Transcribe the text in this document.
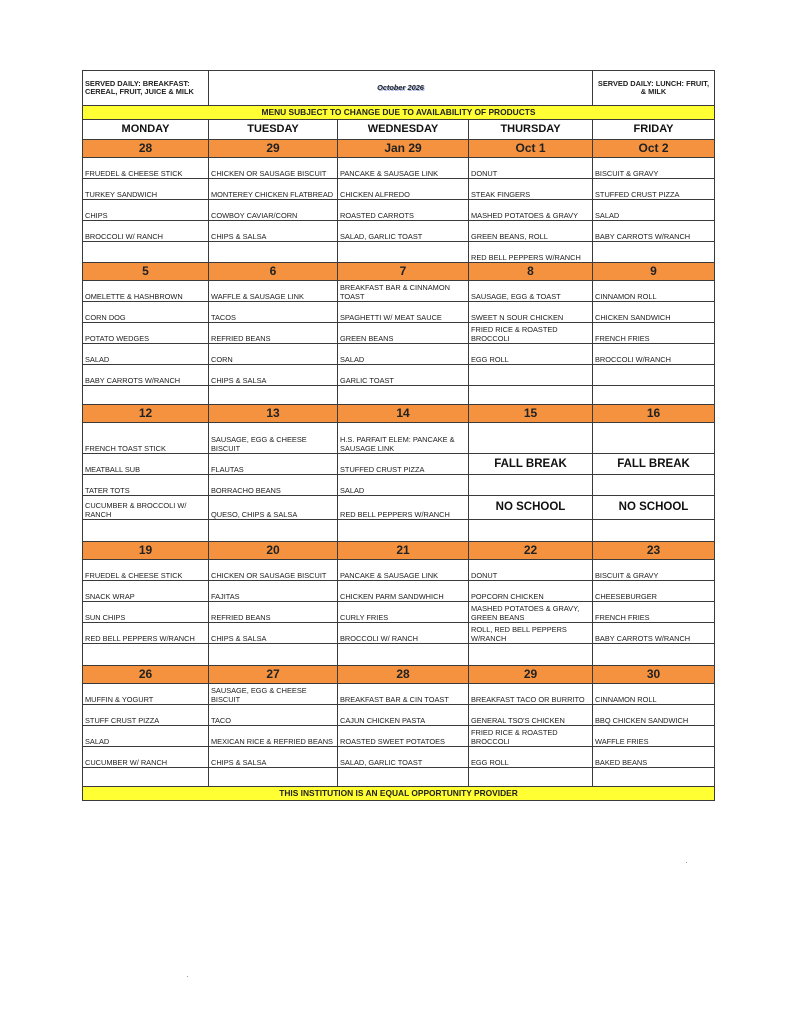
SERVED DAILY: BREAKFAST: CEREAL, FRUIT, JUICE & MILK	October 2026			SERVED DAILY: LUNCH: FRUIT, & MILK
MENU SUBJECT TO CHANGE DUE TO AVAILABILITY OF PRODUCTS				
MONDAY	TUESDAY	WEDNESDAY	THURSDAY	FRIDAY
28	29	Jan 29	Oct 1	Oct 2
FRUEDEL & CHEESE STICK	CHICKEN OR SAUSAGE BISCUIT	PANCAKE & SAUSAGE LINK	DONUT	BISCUIT & GRAVY
TURKEY SANDWICH	MONTEREY CHICKEN FLATBREAD	CHICKEN ALFREDO	STEAK FINGERS	STUFFED CRUST PIZZA
CHIPS	COWBOY CAVIAR/CORN	ROASTED CARROTS	MASHED POTATOES & GRAVY	SALAD
BROCCOLI W/ RANCH	CHIPS & SALSA	SALAD, GARLIC TOAST	GREEN BEANS, ROLL	BABY CARROTS W/RANCH
			RED BELL PEPPERS W/RANCH	
5	6	7	8	9
OMELETTE & HASHBROWN	WAFFLE & SAUSAGE LINK	BREAKFAST BAR & CINNAMON TOAST	SAUSAGE, EGG & TOAST	CINNAMON ROLL
CORN DOG	TACOS	SPAGHETTI W/ MEAT SAUCE	SWEET N SOUR CHICKEN	CHICKEN SANDWICH
POTATO WEDGES	REFRIED BEANS	GREEN BEANS	FRIED RICE & ROASTED BROCCOLI	FRENCH FRIES
SALAD	CORN	SALAD	EGG ROLL	BROCCOLI W/RANCH
BABY CARROTS W/RANCH	CHIPS & SALSA	GARLIC TOAST		

12	13	14	15	16
FRENCH TOAST STICK	SAUSAGE, EGG & CHEESE BISCUIT	H.S. PARFAIT ELEM: PANCAKE & SAUSAGE LINK		
MEATBALL SUB	FLAUTAS	STUFFED CRUST PIZZA	FALL BREAK	FALL BREAK
TATER TOTS	BORRACHO BEANS	SALAD		
CUCUMBER & BROCCOLI W/ RANCH	QUESO, CHIPS & SALSA	RED BELL PEPPERS W/RANCH	NO SCHOOL	NO SCHOOL

19	20	21	22	23
FRUEDEL & CHEESE STICK	CHICKEN OR SAUSAGE BISCUIT	PANCAKE & SAUSAGE LINK	DONUT	BISCUIT & GRAVY
SNACK WRAP	FAJITAS	CHICKEN PARM SANDWHICH	POPCORN CHICKEN	CHEESEBURGER
SUN CHIPS	REFRIED BEANS	CURLY FRIES	MASHED POTATOES & GRAVY, GREEN BEANS	FRENCH FRIES
RED BELL PEPPERS W/RANCH	CHIPS & SALSA	BROCCOLI W/ RANCH	ROLL, RED BELL PEPPERS W/RANCH	BABY CARROTS W/RANCH

26	27	28	29	30
MUFFIN & YOGURT	SAUSAGE, EGG & CHEESE BISCUIT	BREAKFAST BAR & CIN TOAST	BREAKFAST TACO OR BURRITO	CINNAMON ROLL
STUFF CRUST PIZZA	TACO	CAJUN CHICKEN PASTA	GENERAL TSO'S CHICKEN	BBQ CHICKEN SANDWICH
SALAD	MEXICAN RICE & REFRIED BEANS	ROASTED SWEET POTATOES	FRIED RICE & ROASTED BROCCOLI	WAFFLE FRIES
CUCUMBER W/ RANCH	CHIPS & SALSA	SALAD, GARLIC TOAST	EGG ROLL	BAKED BEANS

THIS INSTITUTION IS AN EQUAL OPPORTUNITY PROVIDER				
